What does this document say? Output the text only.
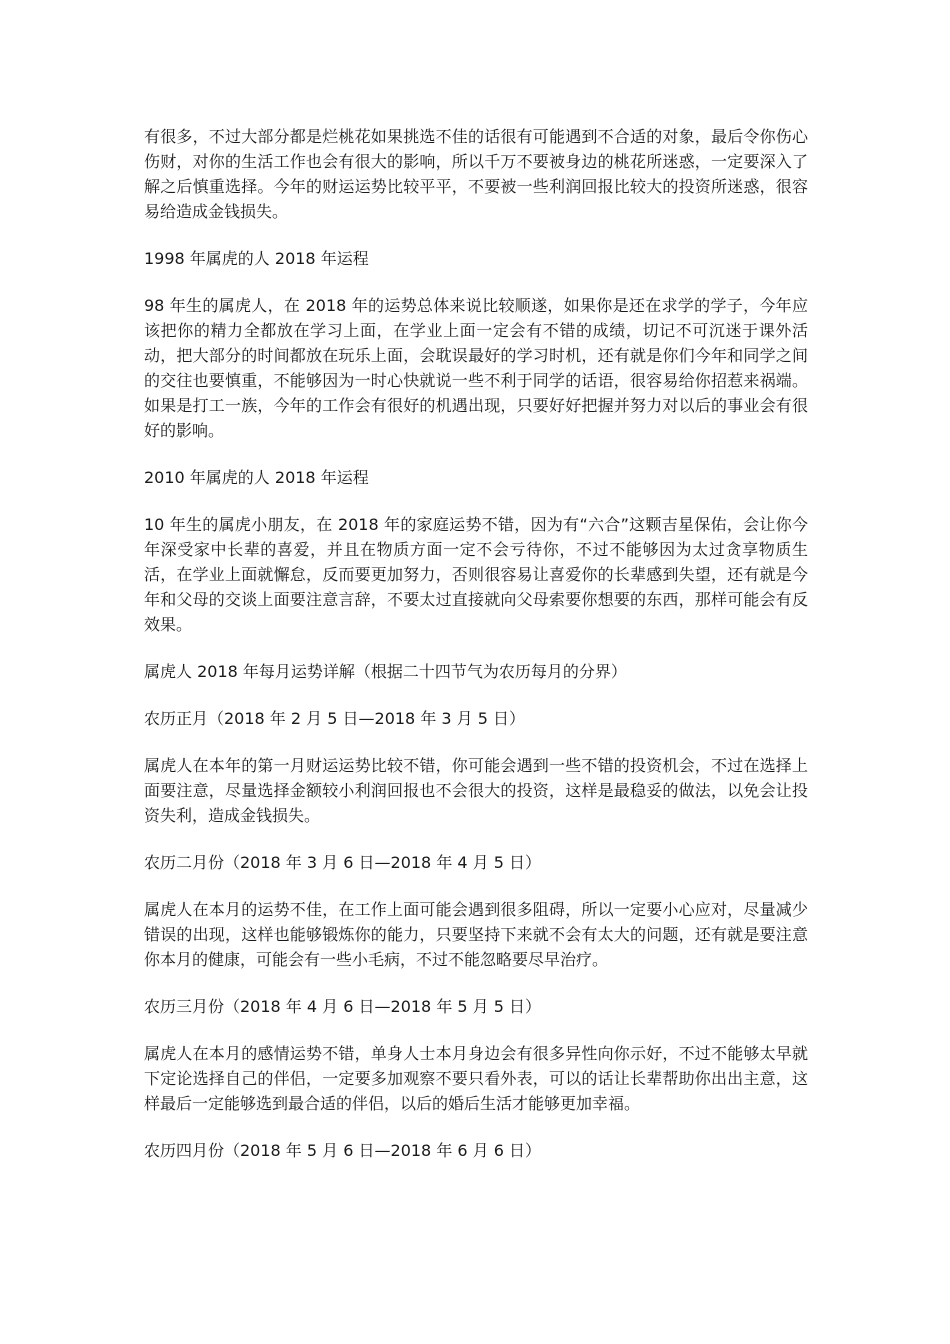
有很多，不过大部分都是烂桃花如果挑选不佳的话很有可能遇到不合适的对象，最后令你伤心伤财，对你的生活工作也会有很大的影响，所以千万不要被身边的桃花所迷惑，一定要深入了解之后慎重选择。今年的财运运势比较平平，不要被一些利润回报比较大的投资所迷惑，很容易给造成金钱损失。

1998 年属虎的人 2018 年运程

98 年生的属虎人，在 2018 年的运势总体来说比较顺遂，如果你是还在求学的学子，今年应该把你的精力全都放在学习上面，在学业上面一定会有不错的成绩，切记不可沉迷于课外活动，把大部分的时间都放在玩乐上面，会耽误最好的学习时机，还有就是你们今年和同学之间的交往也要慎重，不能够因为一时心快就说一些不利于同学的话语，很容易给你招惹来祸端。如果是打工一族，今年的工作会有很好的机遇出现，只要好好把握并努力对以后的事业会有很好的影响。

2010 年属虎的人 2018 年运程

10 年生的属虎小朋友，在 2018 年的家庭运势不错，因为有“六合”这颗吉星保佑，会让你今年深受家中长辈的喜爱，并且在物质方面一定不会亏待你，不过不能够因为太过贪享物质生活，在学业上面就懈怠，反而要更加努力，否则很容易让喜爱你的长辈感到失望，还有就是今年和父母的交谈上面要注意言辞，不要太过直接就向父母索要你想要的东西，那样可能会有反效果。

属虎人 2018 年每月运势详解（根据二十四节气为农历每月的分界）

农历正月（2018 年 2 月 5 日—2018 年 3 月 5 日）

属虎人在本年的第一月财运运势比较不错，你可能会遇到一些不错的投资机会，不过在选择上面要注意，尽量选择金额较小利润回报也不会很大的投资，这样是最稳妥的做法，以免会让投资失利，造成金钱损失。

农历二月份（2018 年 3 月 6 日—2018 年 4 月 5 日）

属虎人在本月的运势不佳，在工作上面可能会遇到很多阻碍，所以一定要小心应对，尽量减少错误的出现，这样也能够锻炼你的能力，只要坚持下来就不会有太大的问题，还有就是要注意你本月的健康，可能会有一些小毛病，不过不能忽略要尽早治疗。

农历三月份（2018 年 4 月 6 日—2018 年 5 月 5 日）

属虎人在本月的感情运势不错，单身人士本月身边会有很多异性向你示好，不过不能够太早就下定论选择自己的伴侣，一定要多加观察不要只看外表，可以的话让长辈帮助你出出主意，这样最后一定能够选到最合适的伴侣，以后的婚后生活才能够更加幸福。

农历四月份（2018 年 5 月 6 日—2018 年 6 月 6 日）
